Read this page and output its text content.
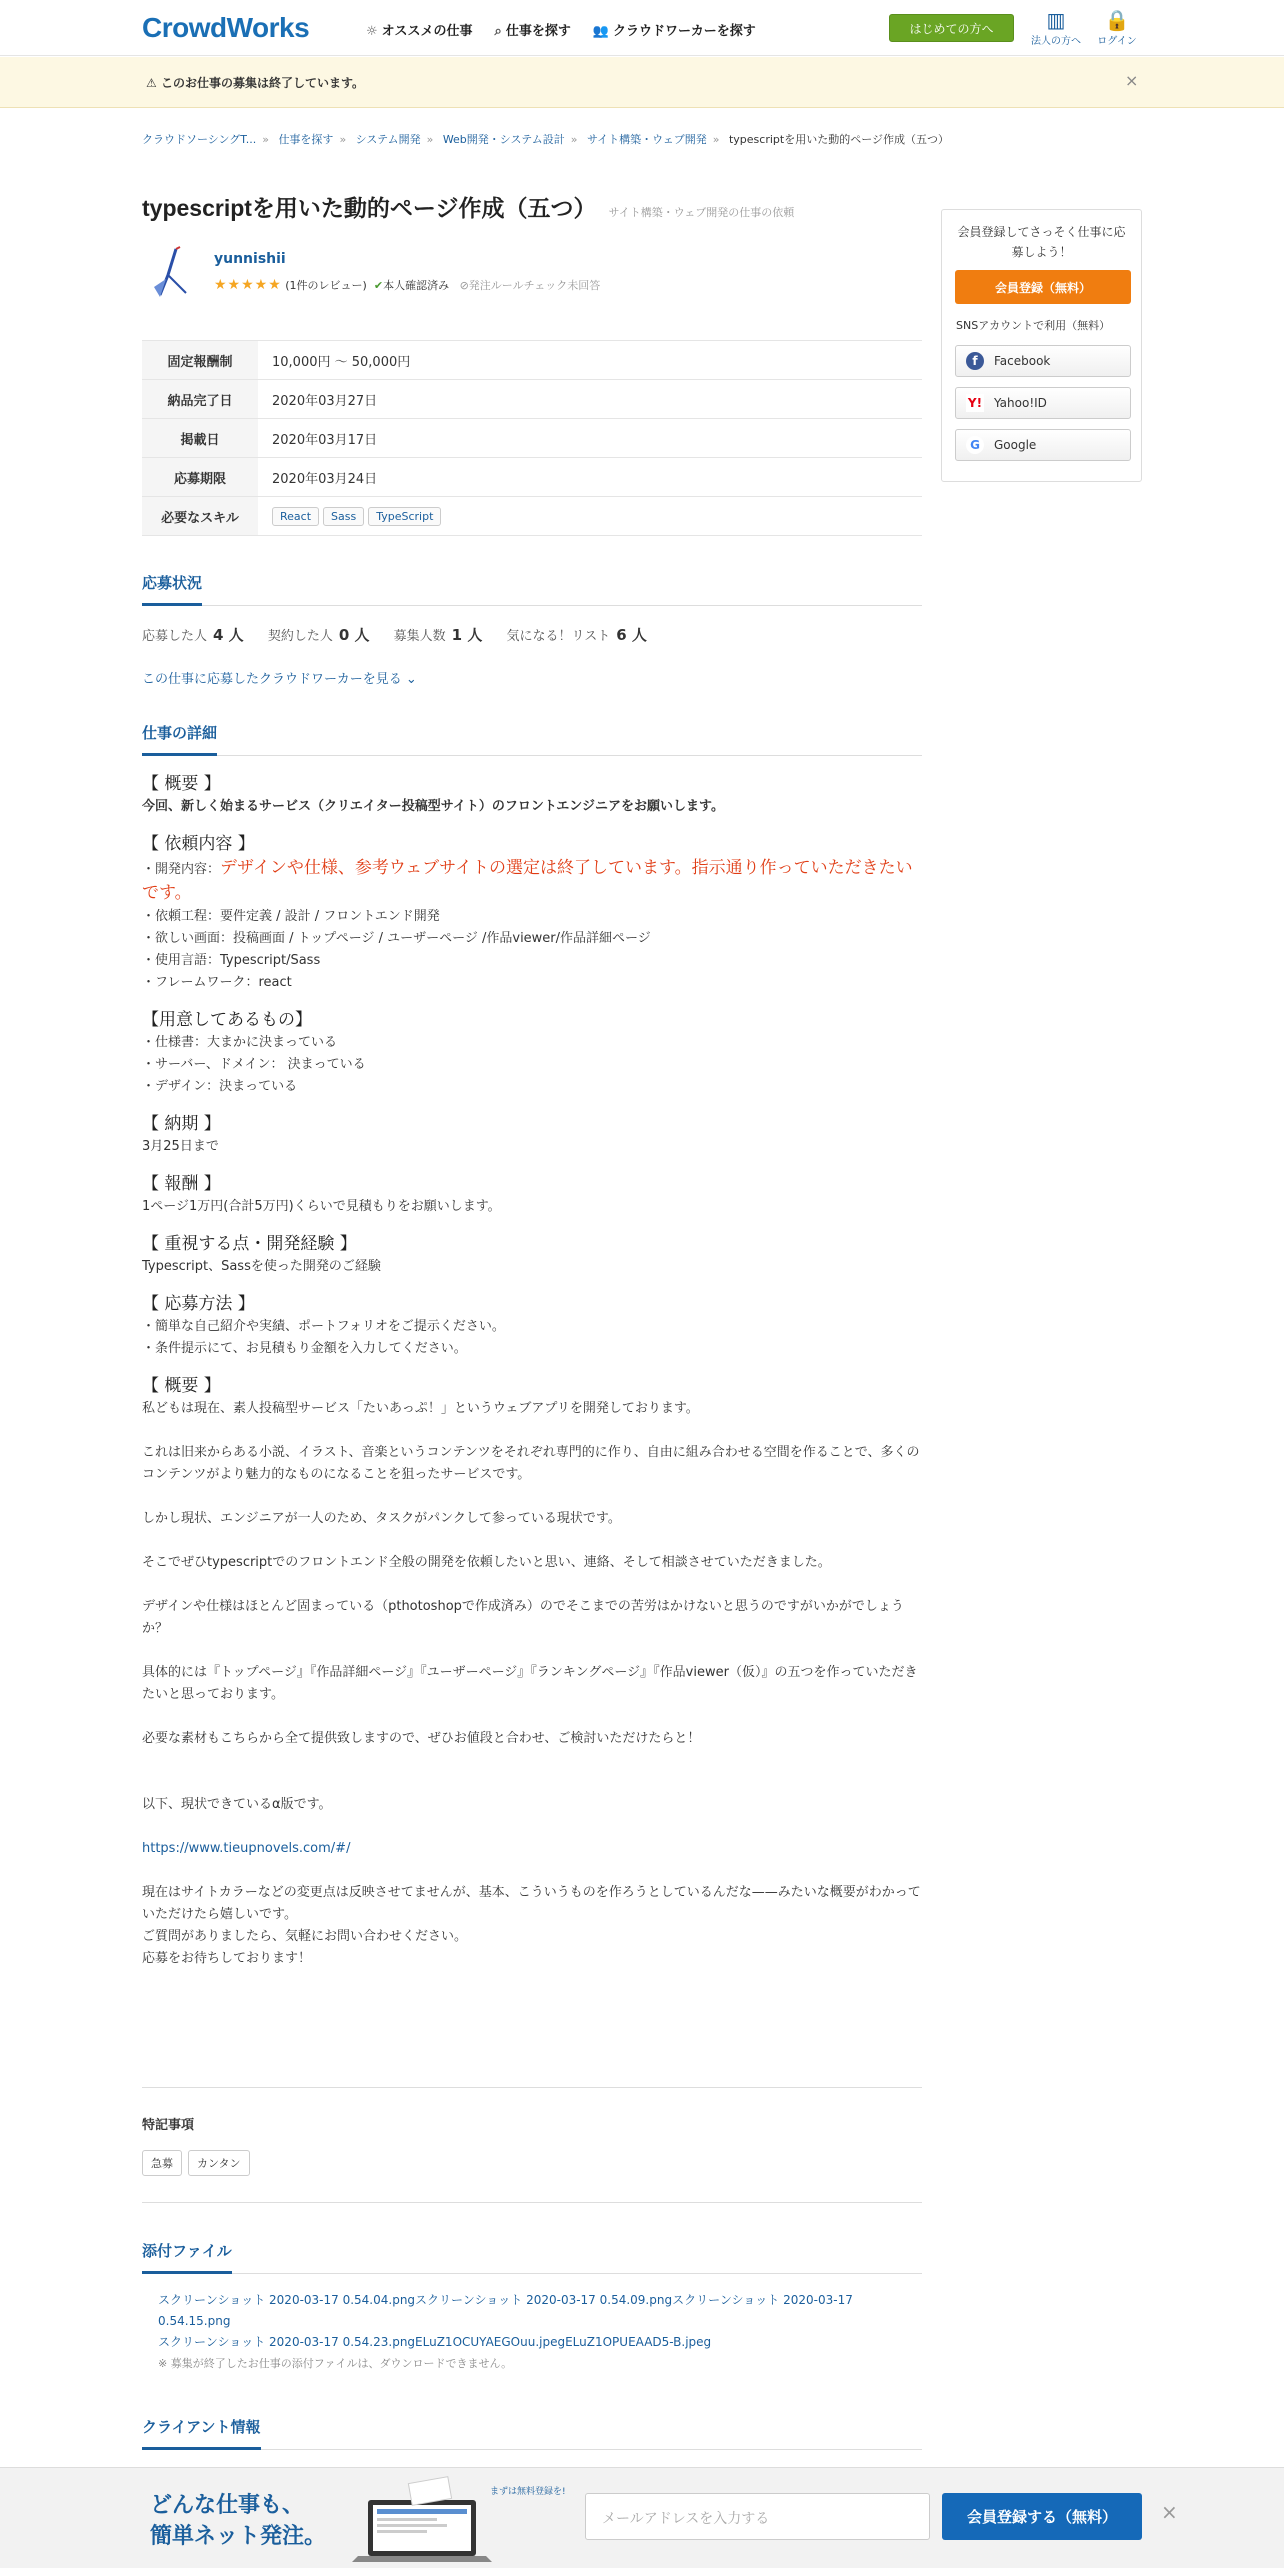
CrowdWorks	☼ オススメの仕事 ⌕ 仕事を探す 👥 クラウドワーカーを探す	はじめての方へ	▥
法人の方へ
🔒
ログイン
⚠ このお仕事の募集は終了しています。	×
クラウドソーシングT... » 仕事を探す » システム開発 » Web開発・システム設計 » サイト構築・ウェブ開発 » typescriptを用いた動的ページ作成（五つ）
typescriptを用いた動的ページ作成（五つ） サイト構築・ウェブ開発の仕事の依頼
yunnishii
★★★★★ (1件のレビュー) ✔本人確認済み ⊘発注ルールチェック未回答
固定報酬制	10,000円 〜 50,000円
納品完了日	2020年03月27日
掲載日	2020年03月17日
応募期限	2020年03月24日
必要なスキル	React Sass TypeScript
応募状況
応募した人 4 人 契約した人 0 人 募集人数 1 人 気になる！リスト 6 人
この仕事に応募したクラウドワーカーを見る ⌄
仕事の詳細
【 概要 】

今回、新しく始まるサービス（クリエイター投稿型サイト）のフロントエンジニアをお願いします。

【 依頼内容 】

・開発内容：デザインや仕様、参考ウェブサイトの選定は終了しています。指示通り作っていただきたいです。

・依頼工程：要件定義 / 設計 / フロントエンド開発
・欲しい画面：投稿画面 / トップページ / ユーザーページ /作品viewer/作品詳細ページ
・使用言語：Typescript/Sass
・フレームワーク：react

【用意してあるもの】

・仕様書：大まかに決まっている
・サーバー、ドメイン： 決まっている
・デザイン：決まっている

【 納期 】

3月25日まで

【 報酬 】

1ページ1万円(合計5万円)くらいで見積もりをお願いします。

【 重視する点・開発経験 】

Typescript、Sassを使った開発のご経験

【 応募方法 】

・簡単な自己紹介や実績、ポートフォリオをご提示ください。
・条件提示にて、お見積もり金額を入力してください。

【 概要 】

私どもは現在、素人投稿型サービス「たいあっぷ！」というウェブアプリを開発しております。

これは旧来からある小説、イラスト、音楽というコンテンツをそれぞれ専門的に作り、自由に組み合わせる空間を作ることで、多くのコンテンツがより魅力的なものになることを狙ったサービスです。

しかし現状、エンジニアが一人のため、タスクがパンクして参っている現状です。

そこでぜひtypescriptでのフロントエンド全般の開発を依頼したいと思い、連絡、そして相談させていただきました。

デザインや仕様はほとんど固まっている（pthotoshopで作成済み）のでそこまでの苦労はかけないと思うのですがいかがでしょうか？

具体的には『トップページ』『作品詳細ページ』『ユーザーページ』『ランキングページ』『作品viewer（仮）』の五つを作っていただきたいと思っております。

必要な素材もこちらから全て提供致しますので、ぜひお値段と合わせ、ご検討いただけたらと！

以下、現状できているα版です。

https://www.tieupnovels.com/#/

現在はサイトカラーなどの変更点は反映させてませんが、基本、こういうものを作ろうとしているんだな——みたいな概要がわかっていただけたら嬉しいです。
ご質問がありましたら、気軽にお問い合わせください。
応募をお待ちしております！

特記事項
急募 カンタン
添付ファイル
スクリーンショット 2020-03-17 0.54.04.pngスクリーンショット 2020-03-17 0.54.09.pngスクリーンショット 2020-03-17 0.54.15.png
スクリーンショット 2020-03-17 0.54.23.pngELuZ1OCUYAEGOuu.jpegELuZ1OPUEAAD5-B.jpeg
※ 募集が終了したお仕事の添付ファイルは、ダウンロードできません。
クライアント情報
会員登録してさっそく仕事に応募しよう！
会員登録（無料）
SNSアカウントで利用（無料）
f	Facebook
Y! Yahoo!ID
G	Google
どんな仕事も、
簡単ネット発注。
まずは無料登録を!
メールアドレスを入力する	会員登録する（無料）	×
